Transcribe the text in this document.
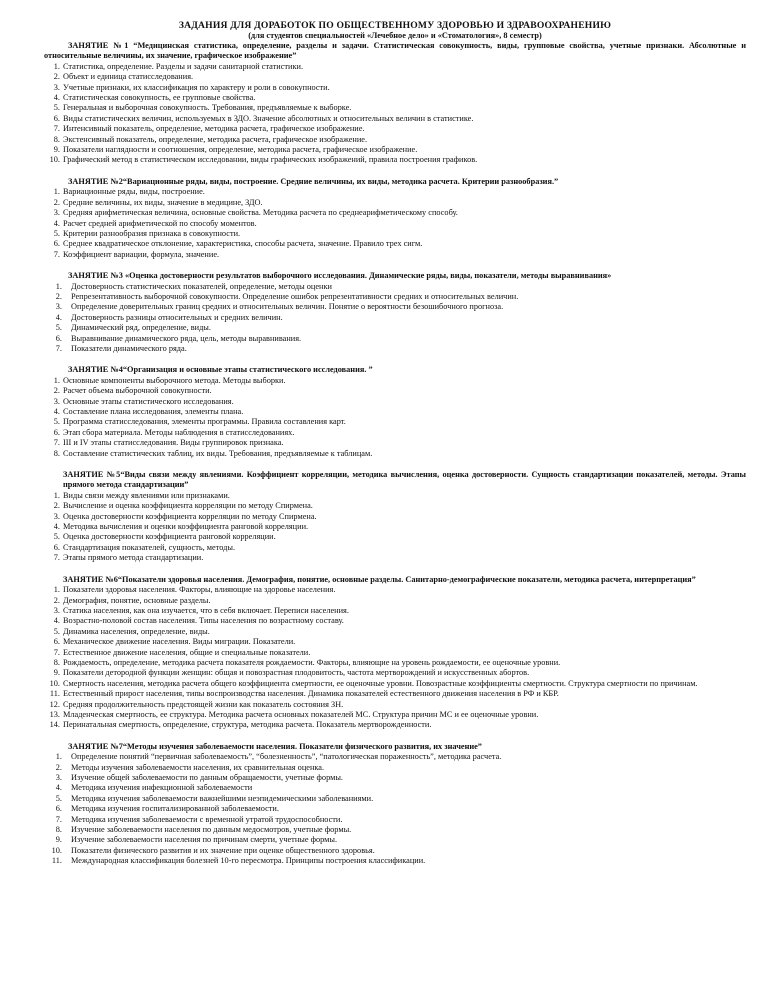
ЗАДАНИЯ ДЛЯ ДОРАБОТОК ПО ОБЩЕСТВЕННОМУ ЗДОРОВЬЮ И ЗДРАВООХРАНЕНИЮ
(для студентов специальностей «Лечебное дело» и «Стоматология», 8 семестр)
ЗАНЯТИЕ №1 “Медицинская статистика, определение, разделы и задачи. Статистическая совокупность, виды, групповые свойства, учетные признаки. Абсолютные и относительные величины, их значение, графическое изображение”
1. Статистика, определение. Разделы и задачи санитарной статистики.
2. Объект и единица статисследования.
3. Учетные признаки, их классификация по характеру и роли в совокупности.
4. Статистическая совокупность, ее групповые свойства.
5. Генеральная и выборочная совокупность. Требования, предъявляемые к выборке.
6. Виды статистических величин, используемых в ЗДО. Значение абсолютных и относительных величин в статистике.
7. Интенсивный показатель, определение, методика расчета, графическое изображение.
8. Экстенсивный показатель, определение, методика расчета, графическое изображение.
9. Показатели наглядности и соотношения, определение, методика расчета, графическое изображение.
10. Графический метод в статистическом исследовании, виды графических изображений, правила построения графиков.
ЗАНЯТИЕ №2“Вариационные ряды, виды, построение. Средние величины, их виды, методика расчета. Критерии разнообразия.”
1. Вариационные ряды, виды, построение.
2. Средние величины, их виды, значение в медицине, ЗДО.
3. Средняя арифметическая величина, основные свойства. Методика расчета по среднеарифметическому способу.
4. Расчет средней арифметической по способу моментов.
5. Критерии разнообразия признака в совокупности.
6. Среднее квадратическое отклонение, характеристика, способы расчета, значение. Правило трех сигм.
7. Коэффициент вариации, формула, значение.
ЗАНЯТИЕ №3 «Оценка достоверности результатов выборочного исследования. Динамические ряды, виды, показатели, методы выравнивания»
1. Достоверность статистических показателей, определение, методы оценки
2. Репрезентативность выборочной совокупности. Определение ошибок репрезентативности средних и относительных величин.
3. Определение доверительных границ средних и относительных величин. Понятие о вероятности безошибочного прогноза.
4. Достоверность разницы относительных и средних величин.
5. Динамический ряд, определение, виды.
6. Выравнивание динамического ряда, цель, методы выравнивания.
7. Показатели динамического ряда.
ЗАНЯТИЕ №4“Организация и основные этапы статистического исследования. ”
1. Основные компоненты выборочного метода. Методы выборки.
2. Расчет объема выборочной совокупности.
3. Основные этапы статистического исследования.
4. Составление плана исследования, элементы плана.
5. Программа статисследования, элементы программы. Правила составления карт.
6. Этап сбора материала. Методы наблюдения в статисследованиях.
7. III и IV этапы статисследования. Виды группировок признака.
8. Составление статистических таблиц, их виды. Требования, предъявляемые к таблицам.
ЗАНЯТИЕ №5“Виды связи между явлениями. Коэффициент корреляции, методика вычисления, оценка достоверности. Сущность стандартизации показателей, методы. Этапы прямого метода стандартизации”
1. Виды связи между явлениями или признаками.
2. Вычисление и оценка коэффициента корреляции по методу Спирмена.
3. Оценка достоверности коэффициента корреляции по методу Спирмена.
4. Методика вычисления и оценки коэффициента ранговой корреляции.
5. Оценка достоверности коэффициента ранговой корреляции.
6. Стандартизация показателей, сущность, методы.
7. Этапы прямого метода стандартизации.
ЗАНЯТИЕ №6“Показатели здоровья населения. Демография, понятие, основные разделы. Санитарно-демографические показатели, методика расчета, интерпретация”
1. Показатели здоровья населения. Факторы, влияющие на здоровье населения.
2. Демография, понятие, основные разделы.
3. Статика населения, как она изучается, что в себя включает. Переписи населения.
4. Возрастно-половой состав населения. Типы населения по возрастному составу.
5. Динамика населения, определение, виды.
6. Механическое движение населения. Виды миграции. Показатели.
7. Естественное движение населения, общие и специальные показатели.
8. Рождаемость, определение, методика расчета показателя рождаемости. Факторы, влияющие на уровень рождаемости, ее оценочные уровни.
9. Показатели детородной функции женщин: общая и повозрастная плодовитость, частота мертворождений и искусственных абортов.
10. Смертность населения, методика расчета общего коэффициента смертности, ее оценочные уровни. Повозрастные коэффициенты смертности. Структура смертности по причинам.
11. Естественный прирост населения, типы воспроизводства населения. Динамика показателей естественного движения населения в РФ и КБР.
12. Средняя продолжительность предстоящей жизни как показатель состояния ЗН.
13. Младенческая смертность, ее структура. Методика расчета основных показателей МС. Структура причин МС и ее оценочные уровни.
14. Перинатальная смертность, определение, структура, методика расчета. Показатель мертворожденности.
ЗАНЯТИЕ №7“Методы изучения заболеваемости населения. Показатели физического развития, их значение”
1. Определение понятий “первичная заболеваемость”, “болезненность”, “патологическая пораженность”, методика расчета.
2. Методы изучения заболеваемости населения, их сравнительная оценка.
3. Изучение общей заболеваемости по данным обращаемости, учетные формы.
4. Методика изучения инфекционной заболеваемости
5. Методика изучения заболеваемости важнейшими неэпидемическими заболеваниями.
6. Методика изучения госпитализированной заболеваемости.
7. Методика изучения заболеваемости с временной утратой трудоспособности.
8. Изучение заболеваемости населения по данным медосмотров, учетные формы.
9. Изучение заболеваемости населения по причинам смерти, учетные формы.
10. Показатели физического развития и их значение при оценке общественного здоровья.
11. Международная классификация болезней 10-го пересмотра. Принципы построения классификации.
